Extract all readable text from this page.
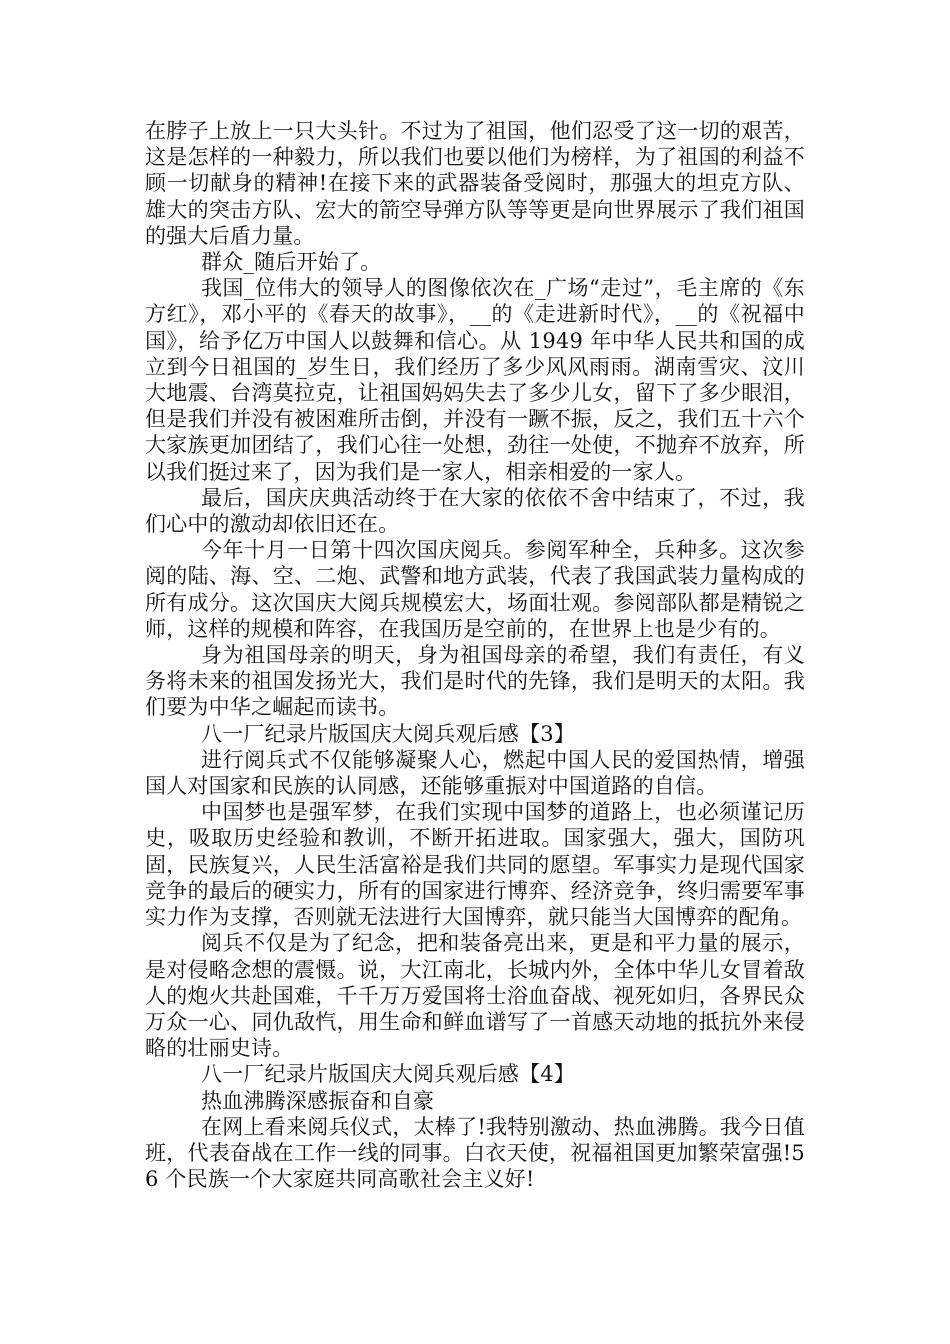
在脖子上放上一只大头针。不过为了祖国，他们忍受了这一切的艰苦，这是怎样的一种毅力，所以我们也要以他们为榜样，为了祖国的利益不顾一切献身的精神!在接下来的武器装备受阅时，那强大的坦克方队、雄大的突击方队、宏大的箭空导弹方队等等更是向世界展示了我们祖国的强大后盾力量。

群众_随后开始了。

我国_位伟大的领导人的图像依次在_广场“走过”，毛主席的《东方红》，邓小平的《春天的故事》，__的《走进新时代》，__的《祝福中国》，给予亿万中国人以鼓舞和信心。从 1949 年中华人民共和国的成立到今日祖国的_岁生日，我们经历了多少风风雨雨。湖南雪灾、汶川大地震、台湾莫拉克，让祖国妈妈失去了多少儿女，留下了多少眼泪，但是我们并没有被困难所击倒，并没有一蹶不振，反之，我们五十六个大家族更加团结了，我们心往一处想，劲往一处使，不抛弃不放弃，所以我们挺过来了，因为我们是一家人，相亲相爱的一家人。

最后，国庆庆典活动终于在大家的依依不舍中结束了，不过，我们心中的激动却依旧还在。

今年十月一日第十四次国庆阅兵。参阅军种全，兵种多。这次参阅的陆、海、空、二炮、武警和地方武装，代表了我国武装力量构成的所有成分。这次国庆大阅兵规模宏大，场面壮观。参阅部队都是精锐之师，这样的规模和阵容，在我国历是空前的，在世界上也是少有的。

身为祖国母亲的明天，身为祖国母亲的希望，我们有责任，有义务将未来的祖国发扬光大，我们是时代的先锋，我们是明天的太阳。我们要为中华之崛起而读书。

八一厂纪录片版国庆大阅兵观后感【3】

进行阅兵式不仅能够凝聚人心，燃起中国人民的爱国热情，增强国人对国家和民族的认同感，还能够重振对中国道路的自信。

中国梦也是强军梦，在我们实现中国梦的道路上，也必须谨记历史，吸取历史经验和教训，不断开拓进取。国家强大，强大，国防巩固，民族复兴，人民生活富裕是我们共同的愿望。军事实力是现代国家竞争的最后的硬实力，所有的国家进行博弈、经济竞争，终归需要军事实力作为支撑，否则就无法进行大国博弈，就只能当大国博弈的配角。

阅兵不仅是为了纪念，把和装备亮出来，更是和平力量的展示，是对侵略念想的震慑。说，大江南北，长城内外，全体中华儿女冒着敌人的炮火共赴国难，千千万万爱国将士浴血奋战、视死如归，各界民众万众一心、同仇敌忾，用生命和鲜血谱写了一首感天动地的抵抗外来侵略的壮丽史诗。

八一厂纪录片版国庆大阅兵观后感【4】

热血沸腾深感振奋和自豪

在网上看来阅兵仪式，太棒了!我特别激动、热血沸腾。我今日值班，代表奋战在工作一线的同事。白衣天使，祝福祖国更加繁荣富强!56 个民族一个大家庭共同高歌社会主义好!
